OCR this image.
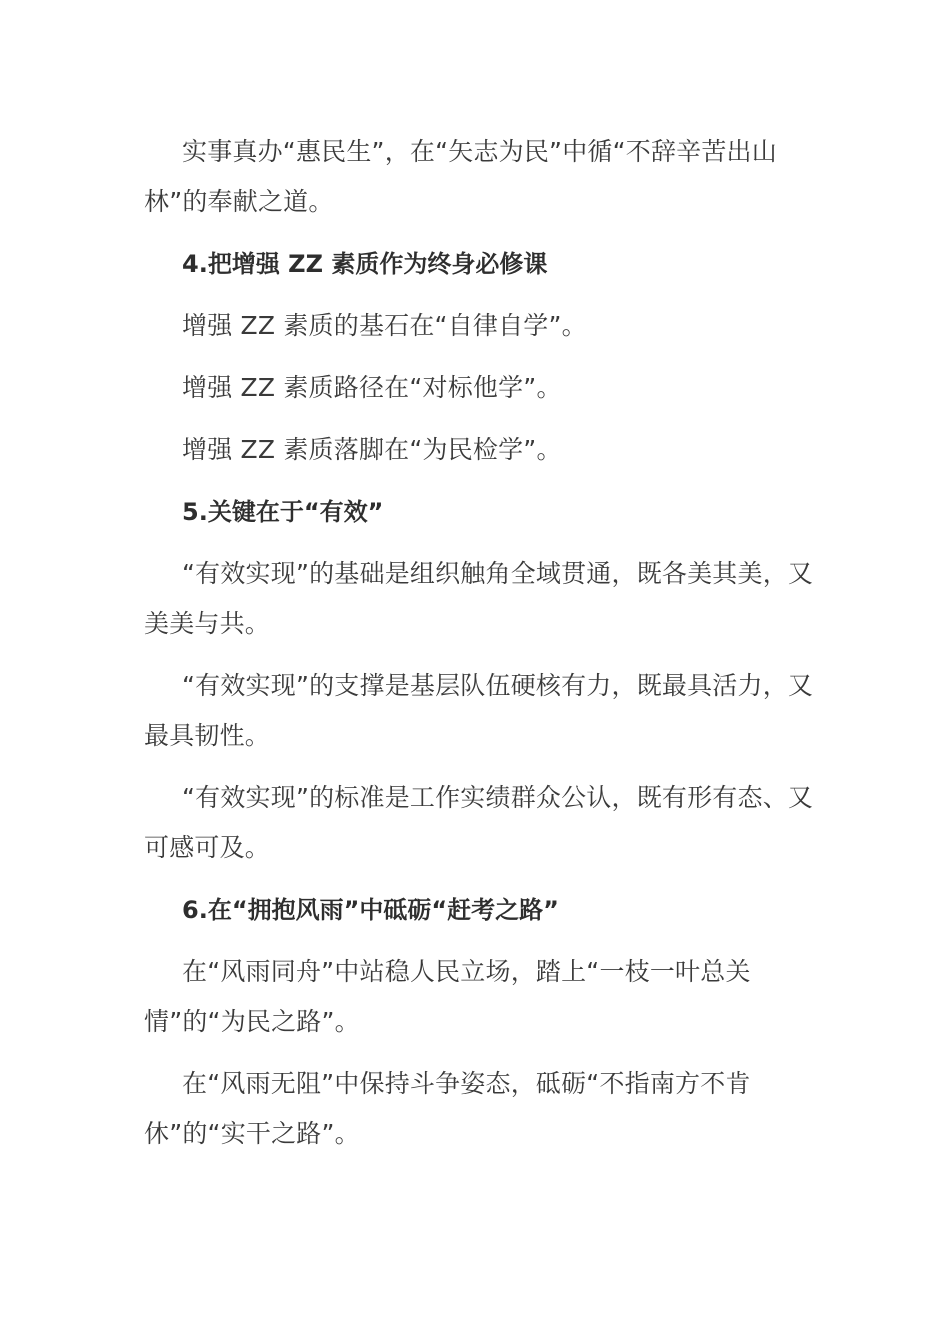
实事真办“惠民生”，在“矢志为民”中循“不辞辛苦出山林”的奉献之道。

4.把增强 ZZ 素质作为终身必修课

增强 ZZ 素质的基石在“自律自学”。

增强 ZZ 素质路径在“对标他学”。

增强 ZZ 素质落脚在“为民检学”。

5.关键在于“有效”

“有效实现”的基础是组织触角全域贯通，既各美其美，又美美与共。

“有效实现”的支撑是基层队伍硬核有力，既最具活力，又最具韧性。

“有效实现”的标准是工作实绩群众公认，既有形有态、又可感可及。

6.在“拥抱风雨”中砥砺“赶考之路”

在“风雨同舟”中站稳人民立场，踏上“一枝一叶总关情”的“为民之路”。

在“风雨无阻”中保持斗争姿态，砥砺“不指南方不肯休”的“实干之路”。
